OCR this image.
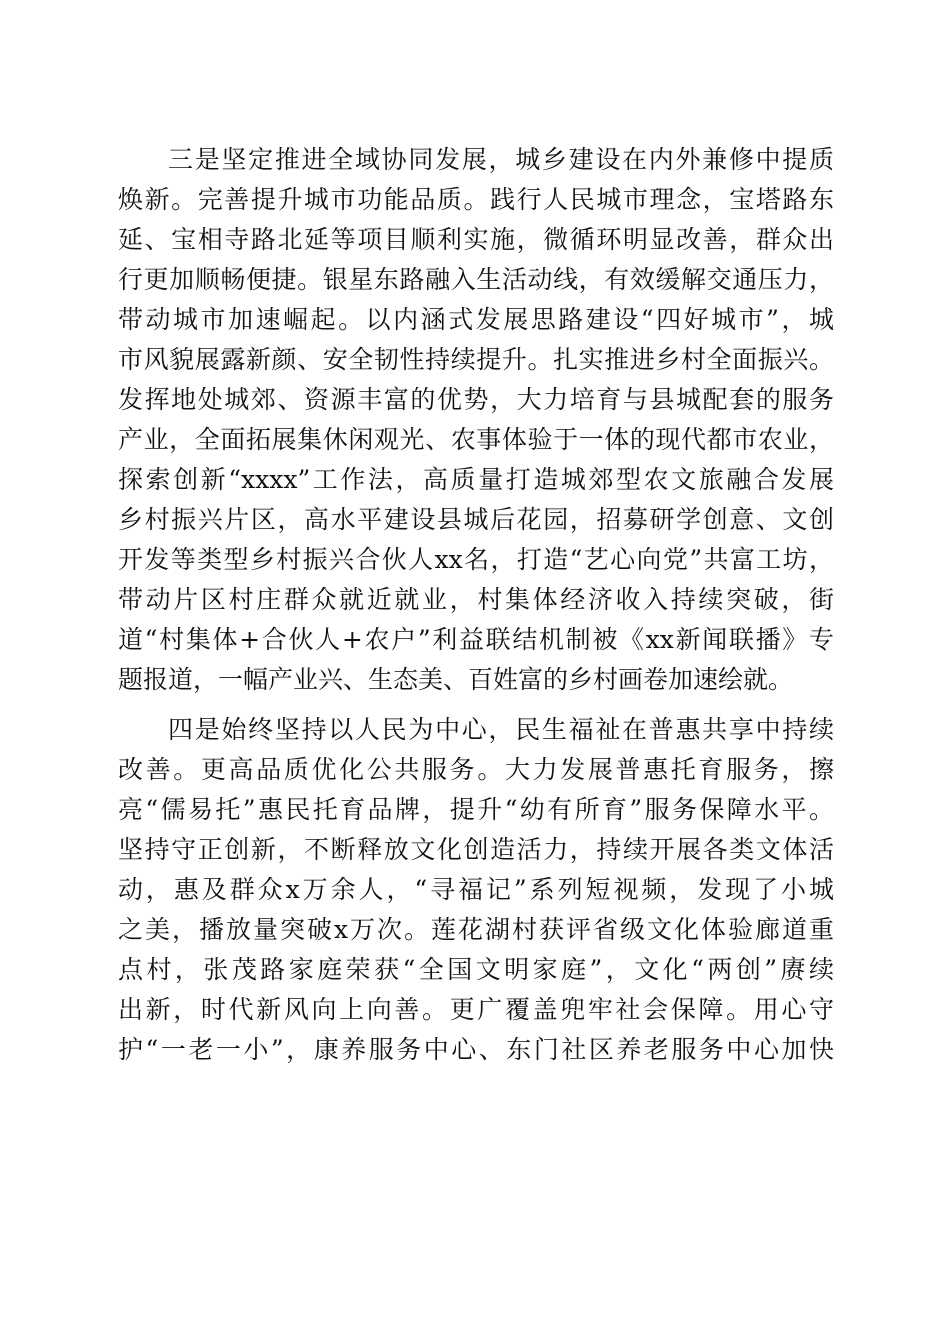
三是坚定推进全域协同发展，城乡建设在内外兼修中提质
焕新。完善提升城市功能品质。践行人民城市理念，宝塔路东
延、宝相寺路北延等项目顺利实施，微循环明显改善，群众出
行更加顺畅便捷。银星东路融入生活动线，有效缓解交通压力，
带动城市加速崛起。以内涵式发展思路建设“四好城市”，城
市风貌展露新颜、安全韧性持续提升。扎实推进乡村全面振兴。
发挥地处城郊、资源丰富的优势，大力培育与县城配套的服务
产业，全面拓展集休闲观光、农事体验于一体的现代都市农业，
探索创新“xxxx”工作法，高质量打造城郊型农文旅融合发展
乡村振兴片区，高水平建设县城后花园，招募研学创意、文创
开发等类型乡村振兴合伙人xx名，打造“艺心向党”共富工坊，
带动片区村庄群众就近就业，村集体经济收入持续突破，街
道“村集体+合伙人+农户”利益联结机制被《xx新闻联播》专
题报道，一幅产业兴、生态美、百姓富的乡村画卷加速绘就。
四是始终坚持以人民为中心，民生福祉在普惠共享中持续
改善。更高品质优化公共服务。大力发展普惠托育服务，擦
亮“儒易托”惠民托育品牌，提升“幼有所育”服务保障水平。
坚持守正创新，不断释放文化创造活力，持续开展各类文体活
动，惠及群众x万余人，“寻福记”系列短视频，发现了小城
之美，播放量突破x万次。莲花湖村获评省级文化体验廊道重
点村，张茂路家庭荣获“全国文明家庭”，文化“两创”赓续
出新，时代新风向上向善。更广覆盖兜牢社会保障。用心守
护“一老一小”，康养服务中心、东门社区养老服务中心加快
